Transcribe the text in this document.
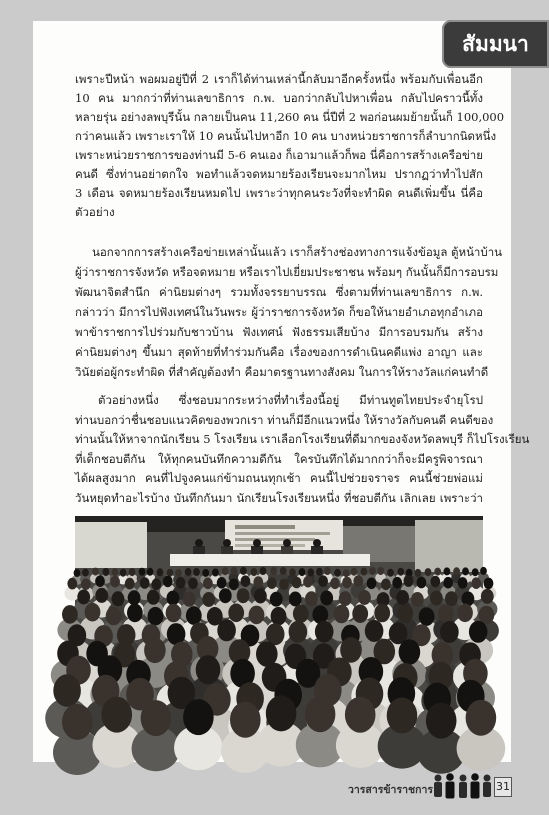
สัมมนา
เพราะปีหน้า พอผมอยู่ปีที่ 2 เราก็ได้ท่านเหล่านี้กลับมาอีกครั้งหนึ่ง พร้อมกับเพื่อนอีก
10 คน มากกว่าที่ท่านเลขาธิการ ก.พ. บอกว่ากลับไปหาเพื่อน กลับไปคราวนี้ทั้ง
หลายรุ่น อย่างลพบุรีนั้น กลายเป็นคน 11,260 คน นี่ปีที่ 2 พอก่อนผมย้ายนั้นก็ 100,000
กว่าคนแล้ว เพราะเราให้ 10 คนนั้นไปหาอีก 10 คน บางหน่วยราชการก็ลำบากนิดหนึ่ง
เพราะหน่วยราชการของท่านมี 5-6 คนเอง ก็เอามาแล้วก็พอ นี่คือการสร้างเครือข่าย
คนดี ซึ่งท่านอย่าตกใจ พอทำแล้วจดหมายร้องเรียนจะมากไหม ปรากฏว่าทำไปสัก
3 เดือน จดหมายร้องเรียนหมดไป เพราะว่าทุกคนระวังที่จะทำผิด คนดีเพิ่มขึ้น นี่คือ
ตัวอย่าง
นอกจากการสร้างเครือข่ายเหล่านั้นแล้ว เราก็สร้างช่องทางการแจ้งข้อมูล ตู้หน้าบ้าน
ผู้ว่าราชการจังหวัด หรือจดหมาย หรือเราไปเยี่ยมประชาชน พร้อมๆ กันนั้นก็มีการอบรม
พัฒนาจิตสำนึก ค่านิยมต่างๆ รวมทั้งจรรยาบรรณ ซึ่งตามที่ท่านเลขาธิการ ก.พ.
กล่าวว่า มีการไปฟังเทศน์ในวันพระ ผู้ว่าราชการจังหวัด ก็ขอให้นายอำเภอทุกอำเภอ
พาข้าราชการไปร่วมกับชาวบ้าน ฟังเทศน์ ฟังธรรมเสียบ้าง มีการอบรมกัน สร้าง
ค่านิยมต่างๆ ขึ้นมา สุดท้ายที่ทำร่วมกันคือ เรื่องของการดำเนินคดีแพ่ง อาญา และ
วินัยต่อผู้กระทำผิด ที่สำคัญต้องทำ คือมาตรฐานทางสังคม ในการให้รางวัลแก่คนทำดี
ตัวอย่างหนึ่ง ซึ่งชอบมากระหว่างที่ทำเรื่องนี้อยู่ มีท่านทูตไทยประจำยุโรป
ท่านบอกว่าชื่นชอบแนวคิดของพวกเรา ท่านก็มีอีกแนวหนึ่ง ให้รางวัลกับคนดี คนดีของ
ท่านนั้นให้หาจากนักเรียน 5 โรงเรียน เราเลือกโรงเรียนที่ดีมากของจังหวัดลพบุรี ก็ไปโรงเรียน
ที่เด็กชอบตีกัน ให้ทุกคนบันทึกความดีกัน ใครบันทึกได้มากกว่าก็จะมีครูพิจารณา
ได้ผลสูงมาก คนที่ไปจูงคนแก่ข้ามถนนทุกเช้า คนนี้ไปช่วยจราจร คนนี้ช่วยพ่อแม่
วันหยุดทำอะไรบ้าง บันทึกกันมา นักเรียนโรงเรียนหนึ่ง ที่ชอบตีกัน เลิกเลย เพราะว่า
วารสารข้าราชการ	31
